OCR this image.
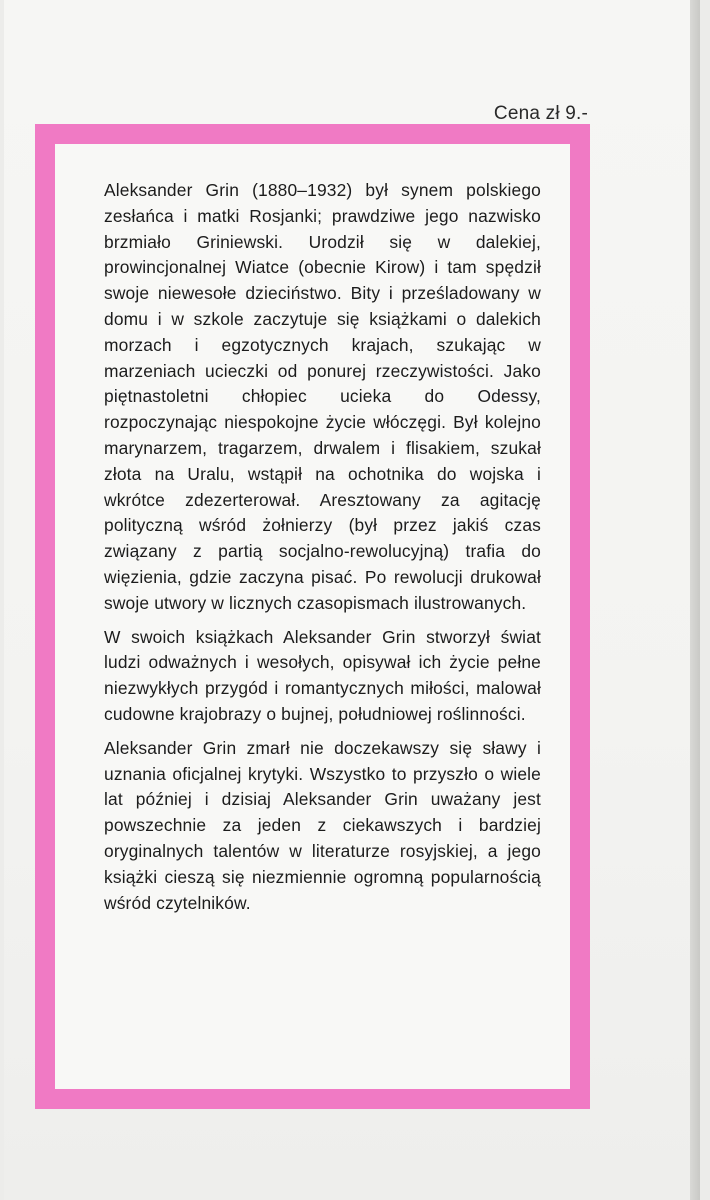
Cena zł 9.-

Aleksander Grin (1880–1932) był synem polskiego zesłańca i matki Rosjanki; prawdziwe jego nazwisko brzmiało Griniewski. Urodził się w dalekiej, prowincjonalnej Wiatce (obecnie Kirow) i tam spędził swoje niewesołe dzieciństwo. Bity i prześladowany w domu i w szkole zaczytuje się książkami o dalekich morzach i egzotycznych krajach, szukając w marzeniach ucieczki od ponurej rzeczywistości. Jako piętnastoletni chłopiec ucieka do Odessy, rozpoczynając niespokojne życie włóczęgi. Był kolejno marynarzem, tragarzem, drwalem i flisakiem, szukał złota na Uralu, wstąpił na ochotnika do wojska i wkrótce zdezerterował. Aresztowany za agitację polityczną wśród żołnierzy (był przez jakiś czas związany z partią socjalno-rewolucyjną) trafia do więzienia, gdzie zaczyna pisać. Po rewolucji drukował swoje utwory w licznych czasopismach ilustrowanych.

W swoich książkach Aleksander Grin stworzył świat ludzi odważnych i wesołych, opisywał ich życie pełne niezwykłych przygód i romantycznych miłości, malował cudowne krajobrazy o bujnej, południowej roślinności.

Aleksander Grin zmarł nie doczekawszy się sławy i uznania oficjalnej krytyki. Wszystko to przyszło o wiele lat później i dzisiaj Aleksander Grin uważany jest powszechnie za jeden z ciekawszych i bardziej oryginalnych talentów w literaturze rosyjskiej, a jego książki cieszą się niezmiennie ogromną popularnością wśród czytelników.
